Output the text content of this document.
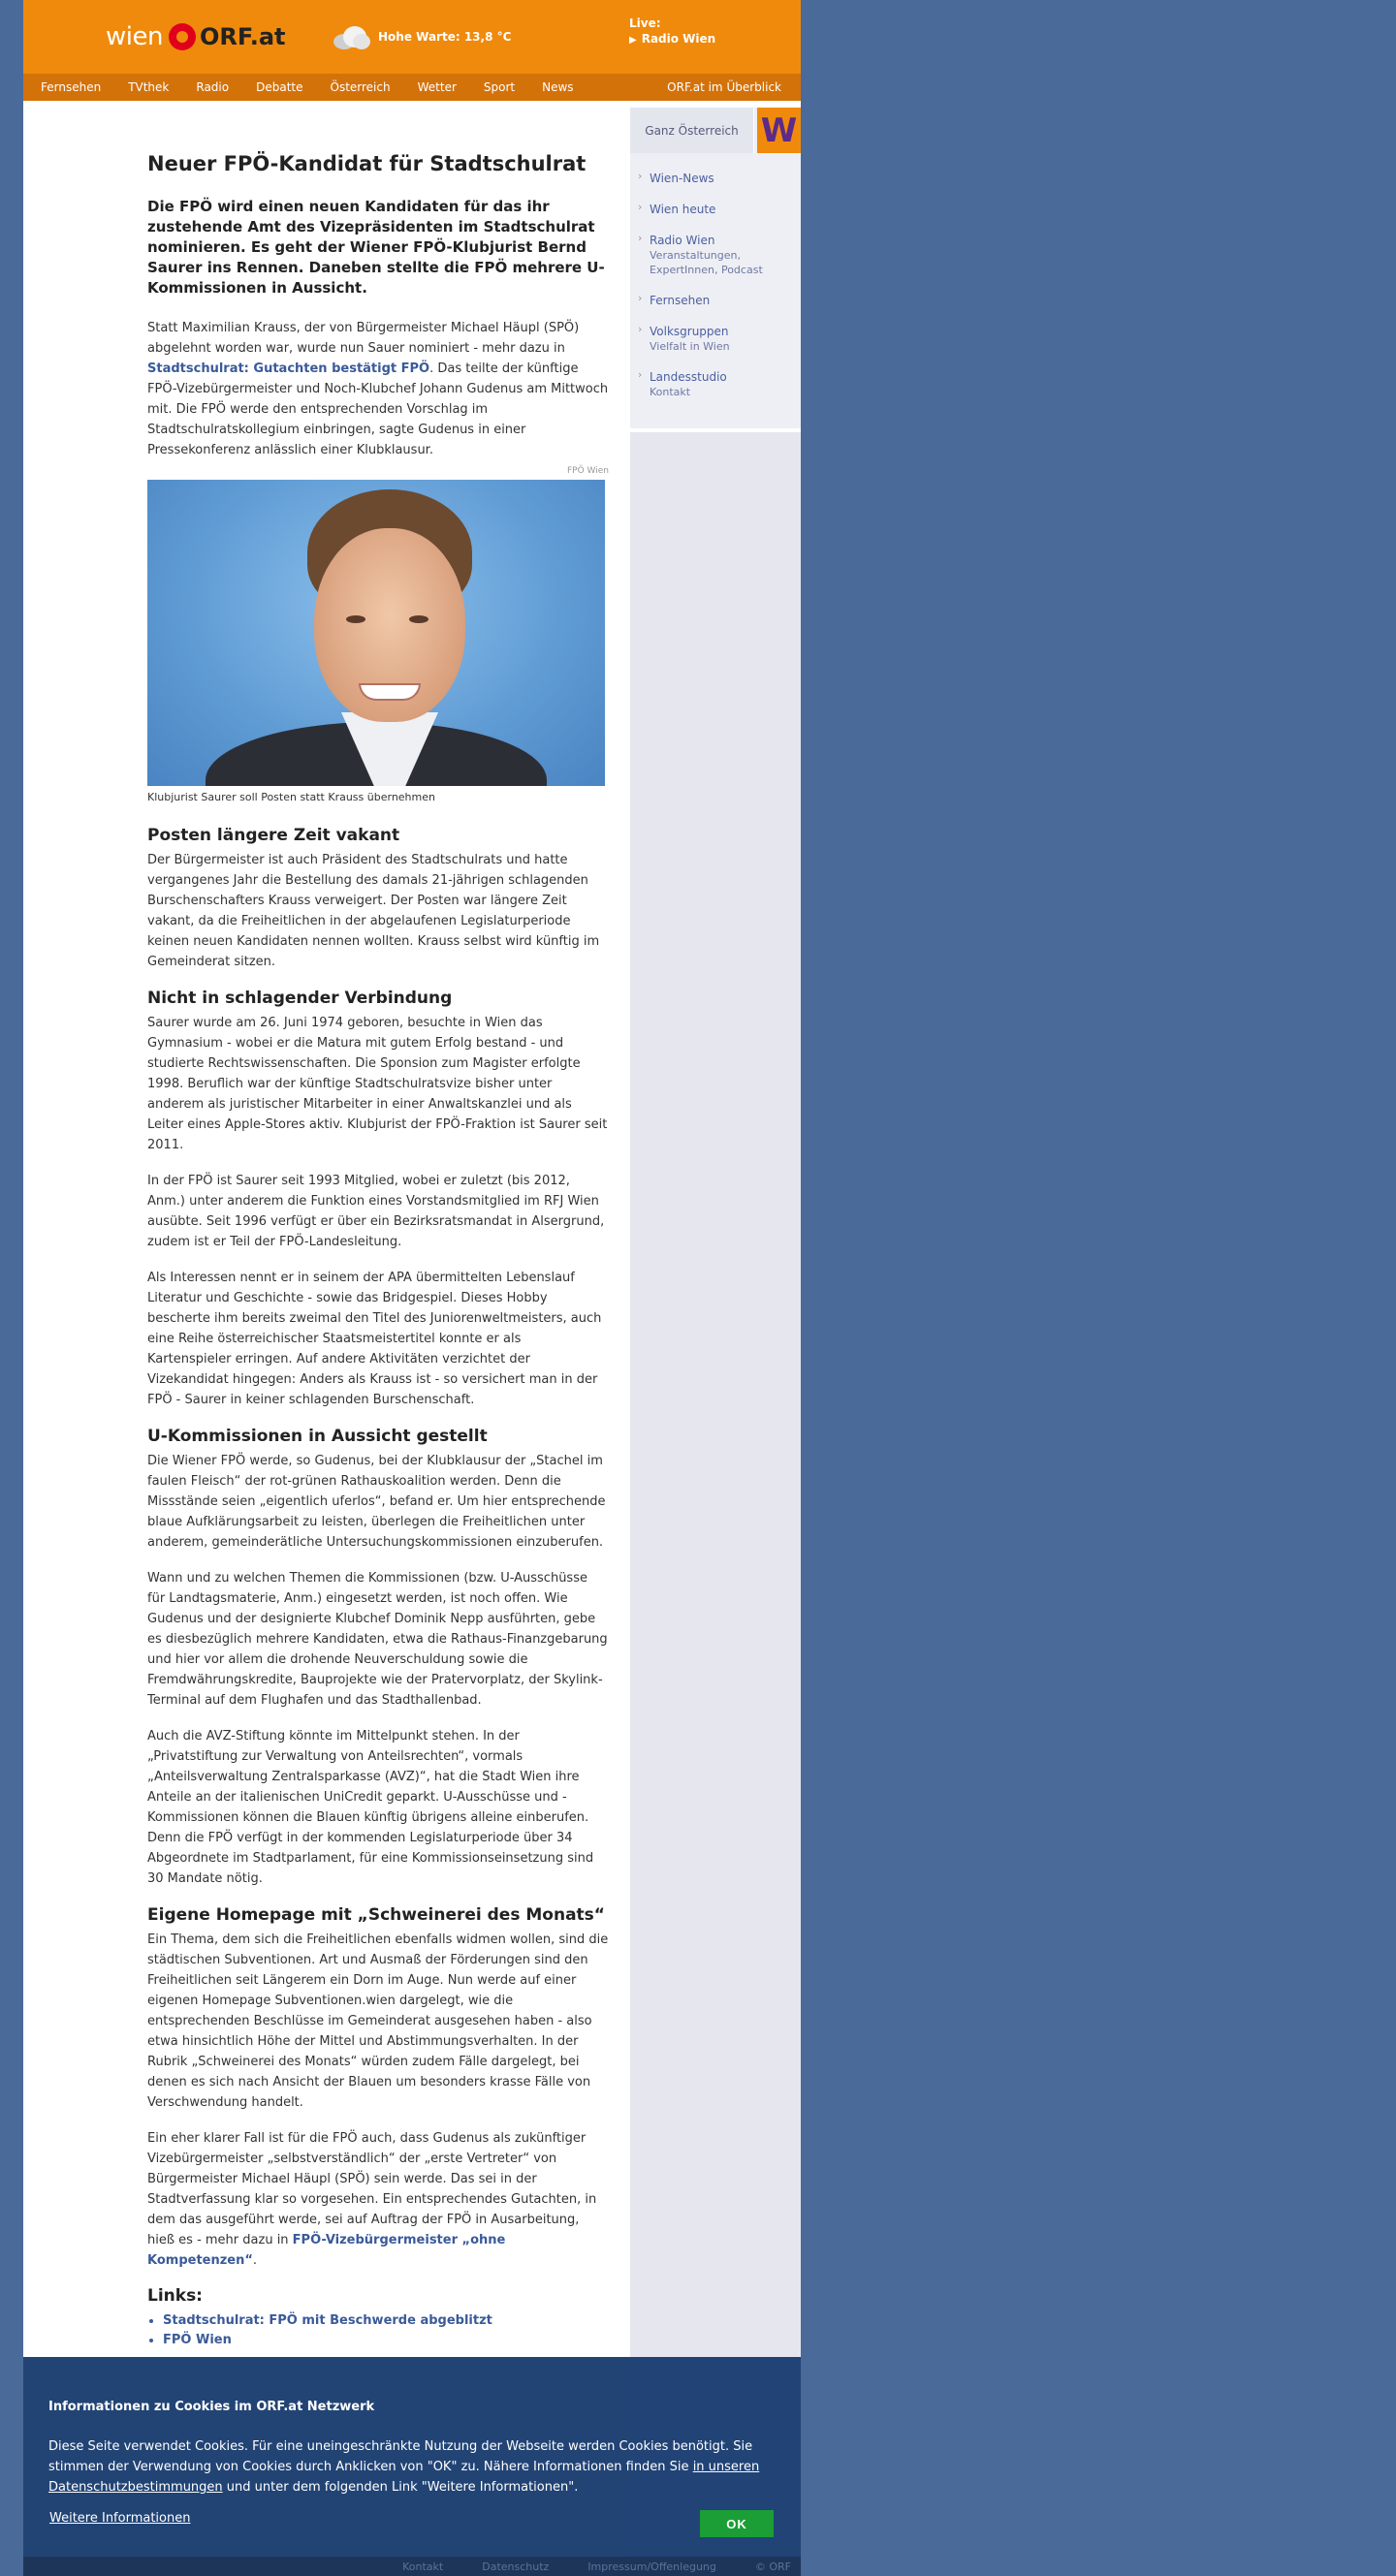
wien ORF.at	Hohe Warte: 13,8 °C
Live:
▶ Radio Wien
Fernsehen TVthek Radio Debatte Österreich Wetter Sport News	ORF.at im Überblick
Neuer FPÖ-Kandidat für Stadtschulrat
Die FPÖ wird einen neuen Kandidaten für das ihr zustehende Amt des Vizepräsidenten im Stadtschulrat nominieren. Es geht der Wiener FPÖ-Klubjurist Bernd Saurer ins Rennen. Daneben stellte die FPÖ mehrere U-Kommissionen in Aussicht.

Statt Maximilian Krauss, der von Bürgermeister Michael Häupl (SPÖ) abgelehnt worden war, wurde nun Sauer nominiert - mehr dazu in Stadtschulrat: Gutachten bestätigt FPÖ. Das teilte der künftige FPÖ-Vizebürgermeister und Noch-Klubchef Johann Gudenus am Mittwoch mit. Die FPÖ werde den entsprechenden Vorschlag im Stadtschulratskollegium einbringen, sagte Gudenus in einer Pressekonferenz anlässlich einer Klubklausur.

FPÖ Wien
Klubjurist Saurer soll Posten statt Krauss übernehmen
Posten längere Zeit vakant

Der Bürgermeister ist auch Präsident des Stadtschulrats und hatte vergangenes Jahr die Bestellung des damals 21-jährigen schlagenden Burschenschafters Krauss verweigert. Der Posten war längere Zeit vakant, da die Freiheitlichen in der abgelaufenen Legislaturperiode keinen neuen Kandidaten nennen wollten. Krauss selbst wird künftig im Gemeinderat sitzen.

Nicht in schlagender Verbindung

Saurer wurde am 26. Juni 1974 geboren, besuchte in Wien das Gymnasium - wobei er die Matura mit gutem Erfolg bestand - und studierte Rechtswissenschaften. Die Sponsion zum Magister erfolgte 1998. Beruflich war der künftige Stadtschulratsvize bisher unter anderem als juristischer Mitarbeiter in einer Anwaltskanzlei und als Leiter eines Apple-Stores aktiv. Klubjurist der FPÖ-Fraktion ist Saurer seit 2011.

In der FPÖ ist Saurer seit 1993 Mitglied, wobei er zuletzt (bis 2012, Anm.) unter anderem die Funktion eines Vorstandsmitglied im RFJ Wien ausübte. Seit 1996 verfügt er über ein Bezirksratsmandat in Alsergrund, zudem ist er Teil der FPÖ-Landesleitung.

Als Interessen nennt er in seinem der APA übermittelten Lebenslauf Literatur und Geschichte - sowie das Bridgespiel. Dieses Hobby bescherte ihm bereits zweimal den Titel des Juniorenweltmeisters, auch eine Reihe österreichischer Staatsmeistertitel konnte er als Kartenspieler erringen. Auf andere Aktivitäten verzichtet der Vizekandidat hingegen: Anders als Krauss ist - so versichert man in der FPÖ - Saurer in keiner schlagenden Burschenschaft.

U-Kommissionen in Aussicht gestellt

Die Wiener FPÖ werde, so Gudenus, bei der Klubklausur der „Stachel im faulen Fleisch“ der rot-grünen Rathauskoalition werden. Denn die Missstände seien „eigentlich uferlos“, befand er. Um hier entsprechende blaue Aufklärungsarbeit zu leisten, überlegen die Freiheitlichen unter anderem, gemeinderätliche Untersuchungskommissionen einzuberufen.

Wann und zu welchen Themen die Kommissionen (bzw. U-Ausschüsse für Landtagsmaterie, Anm.) eingesetzt werden, ist noch offen. Wie Gudenus und der designierte Klubchef Dominik Nepp ausführten, gebe es diesbezüglich mehrere Kandidaten, etwa die Rathaus-Finanzgebarung und hier vor allem die drohende Neuverschuldung sowie die Fremdwährungskredite, Bauprojekte wie der Pratervorplatz, der Skylink-Terminal auf dem Flughafen und das Stadthallenbad.

Auch die AVZ-Stiftung könnte im Mittelpunkt stehen. In der „Privatstiftung zur Verwaltung von Anteilsrechten“, vormals „Anteilsverwaltung Zentralsparkasse (AVZ)“, hat die Stadt Wien ihre Anteile an der italienischen UniCredit geparkt. U-Ausschüsse und -Kommissionen können die Blauen künftig übrigens alleine einberufen. Denn die FPÖ verfügt in der kommenden Legislaturperiode über 34 Abgeordnete im Stadtparlament, für eine Kommissionseinsetzung sind 30 Mandate nötig.

Eigene Homepage mit „Schweinerei des Monats“

Ein Thema, dem sich die Freiheitlichen ebenfalls widmen wollen, sind die städtischen Subventionen. Art und Ausmaß der Förderungen sind den Freiheitlichen seit Längerem ein Dorn im Auge. Nun werde auf einer eigenen Homepage Subventionen.wien dargelegt, wie die entsprechenden Beschlüsse im Gemeinderat ausgesehen haben - also etwa hinsichtlich Höhe der Mittel und Abstimmungsverhalten. In der Rubrik „Schweinerei des Monats“ würden zudem Fälle dargelegt, bei denen es sich nach Ansicht der Blauen um besonders krasse Fälle von Verschwendung handelt.

Ein eher klarer Fall ist für die FPÖ auch, dass Gudenus als zukünftiger Vizebürgermeister „selbstverständlich“ der „erste Vertreter“ von Bürgermeister Michael Häupl (SPÖ) sein werde. Das sei in der Stadtverfassung klar so vorgesehen. Ein entsprechendes Gutachten, in dem das ausgeführt werde, sei auf Auftrag der FPÖ in Ausarbeitung, hieß es - mehr dazu in FPÖ-Vizebürgermeister „ohne Kompetenzen“.

Links:
• Stadtschulrat: FPÖ mit Beschwerde abgeblitzt
• FPÖ Wien
Ganz Österreich W
› Wien-News
› Wien heute
› Radio Wien
Veranstaltungen, ExpertInnen, Podcast
› Fernsehen
› Volksgruppen
Vielfalt in Wien
› Landesstudio
Kontakt
Informationen zu Cookies im ORF.at Netzwerk
Diese Seite verwendet Cookies. Für eine uneingeschränkte Nutzung der Webseite werden Cookies benötigt. Sie stimmen der Verwendung von Cookies durch Anklicken von "OK" zu. Nähere Informationen finden Sie in unseren Datenschutzbestimmungen und unter dem folgenden Link "Weitere Informationen".
Weitere Informationen	OK
Kontakt	Datenschutz	Impressum/Offenlegung	© ORF
